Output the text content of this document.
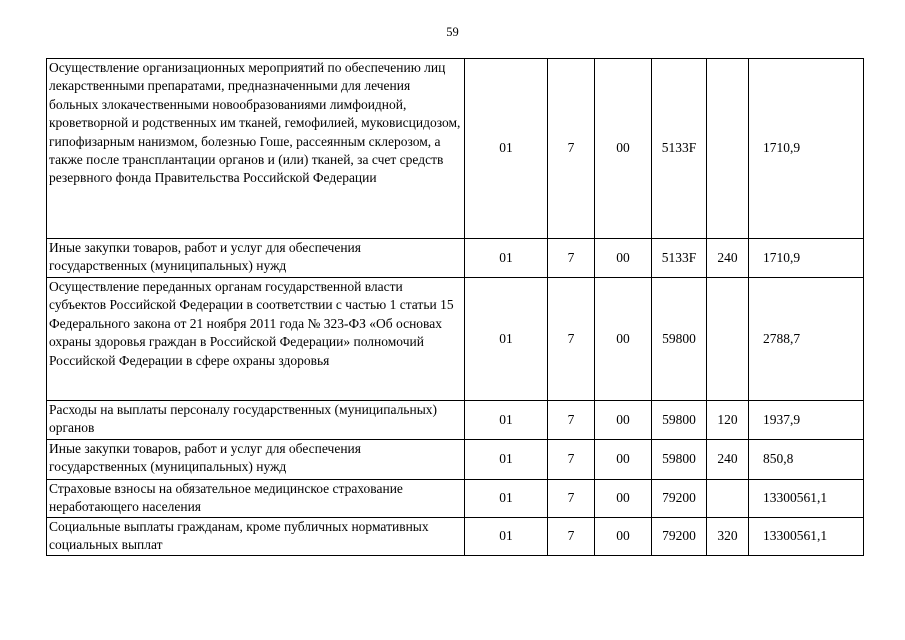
59
Осуществление организационных мероприятий по обеспечению лиц лекарственными препаратами, предназначенными для лечения больных злокачественными новообразованиями лимфоидной, кроветворной и родственных им тканей, гемофилией, муковисцидозом, гипофизарным нанизмом, болезнью Гоше, рассеянным склерозом, а также после трансплантации органов и (или) тканей, за счет средств резервного фонда Правительства Российской Федерации	01	7	00	5133F		1710,9
Иные закупки товаров, работ и услуг для обеспечения государственных (муниципальных) нужд	01	7	00	5133F	240	1710,9
Осуществление переданных органам государственной власти субъектов Российской Федерации в соответствии с частью 1 статьи 15 Федерального закона от 21 ноября 2011 года № 323-ФЗ «Об основах охраны здоровья граждан в Российской Федерации» полномочий Российской Федерации в сфере охраны здоровья	01	7	00	59800		2788,7
Расходы на выплаты персоналу государственных (муниципальных) органов	01	7	00	59800	120	1937,9
Иные закупки товаров, работ и услуг для обеспечения государственных (муниципальных) нужд	01	7	00	59800	240	850,8
Страховые взносы на обязательное медицинское страхование неработающего населения	01	7	00	79200		13300561,1
Социальные выплаты гражданам, кроме публичных нормативных социальных выплат	01	7	00	79200	320	13300561,1
